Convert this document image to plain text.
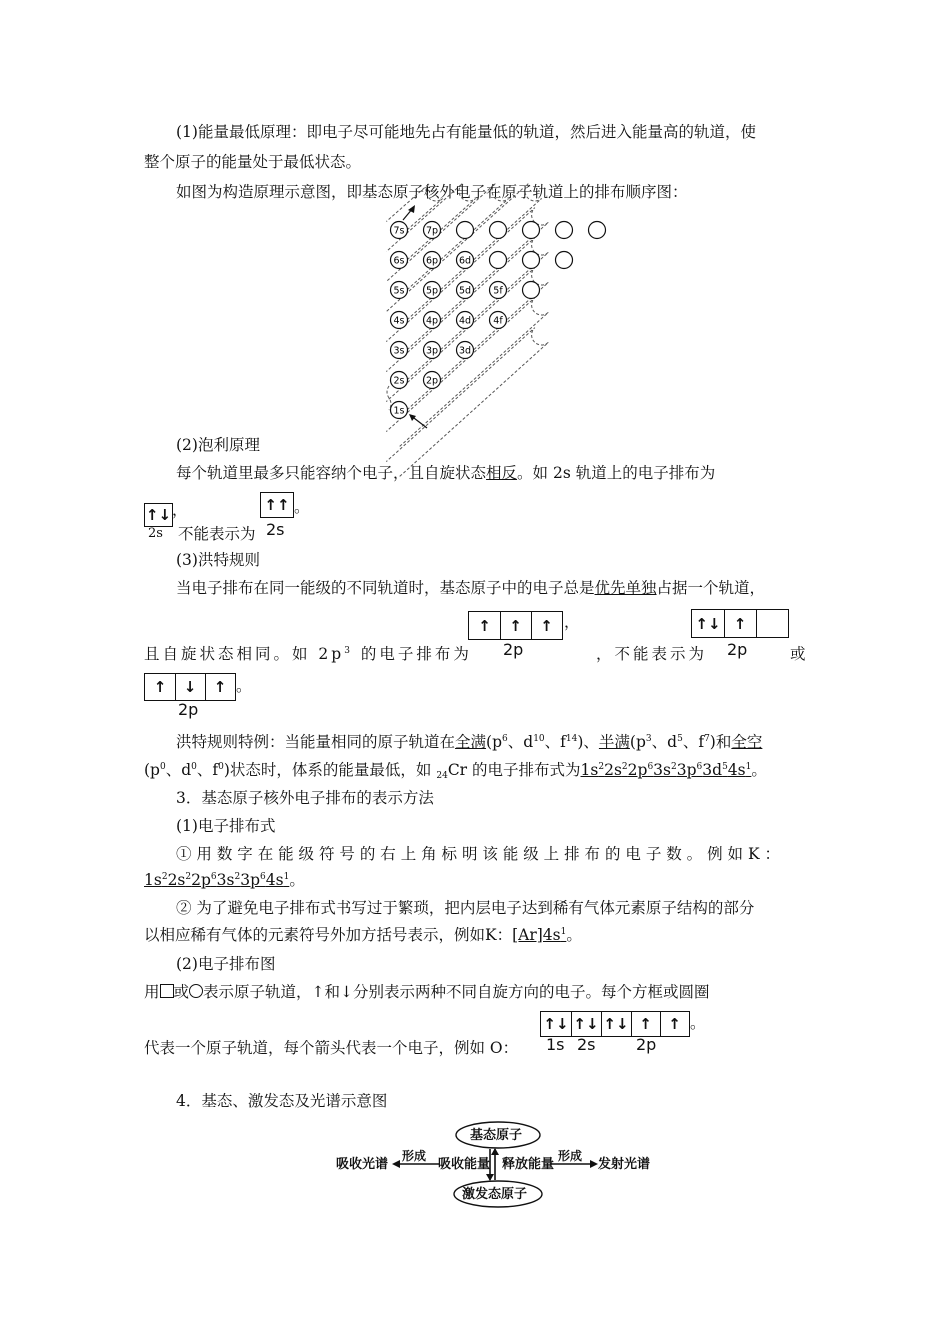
(1)能量最低原理：即电子尽可能地先占有能量低的轨道，然后进入能量高的轨道，使
整个原子的能量处于最低状态。
如图为构造原理示意图，即基态原子核外电子在原子轨道上的排布顺序图：
7s 7p
6s 6p 6d
5s 5p 5d 5f
4s 4p 4d 4f
3s 3p 3d
2s 2p
1s
(2)泡利原理
每个轨道里最多只能容纳个电子，且自旋状态相反。如 2s 轨道上的电子排布为
↑↓ ，
2s 不能表示为
↑↑ 。
2s
(3)洪特规则
当电子排布在同一能级的不同轨道时，基态原子中的电子总是优先单独占据一个轨道，
↑	↑	↑ ，	↑↓ ↑
且自旋状态相同。如 $2p^3$ 的电子排布为 2p	，不能表示为 2p	或
↑	↓	↑ 。
2p
洪特规则特例：当能量相同的原子轨道在全满($p^6$、$d^{10}$、$f^{14}$)、半满($p^3$、$d^5$、$f^7$)和全空
($p^0$、$d^0$、$f^0$)状态时，体系的能量最低，如 $_{24}$Cr 的电子排布式为$1s^22s^22p^63s^23p^63d^54s^1$。
3．基态原子核外电子排布的表示方法
(1)电子排布式
① 用 数 字 在 能 级 符 号 的 右 上 角 标 明 该 能 级 上 排 布 的 电 子 数 。 例 如 K ：
$1s^22s^22p^63s^23p^64s^1$。
② 为了避免电子排布式书写过于繁琐，把内层电子达到稀有气体元素原子结构的部分
以相应稀有气体的元素符号外加方括号表示，例如K：$[Ar]4s^1$。
(2)电子排布图
用 或 表示原子轨道，↑和↓分别表示两种不同自旋方向的电子。每个方框或圆圈
↑↓ ↑↓ ↑↓ ↑	↑ 。
代表一个原子轨道，每个箭头代表一个电子，例如 O： 1s 2s	2p
4．基态、激发态及光谱示意图
基态原子
激发态原子
吸收能量 释放能量
形成	形成
吸收光谱	发射光谱
